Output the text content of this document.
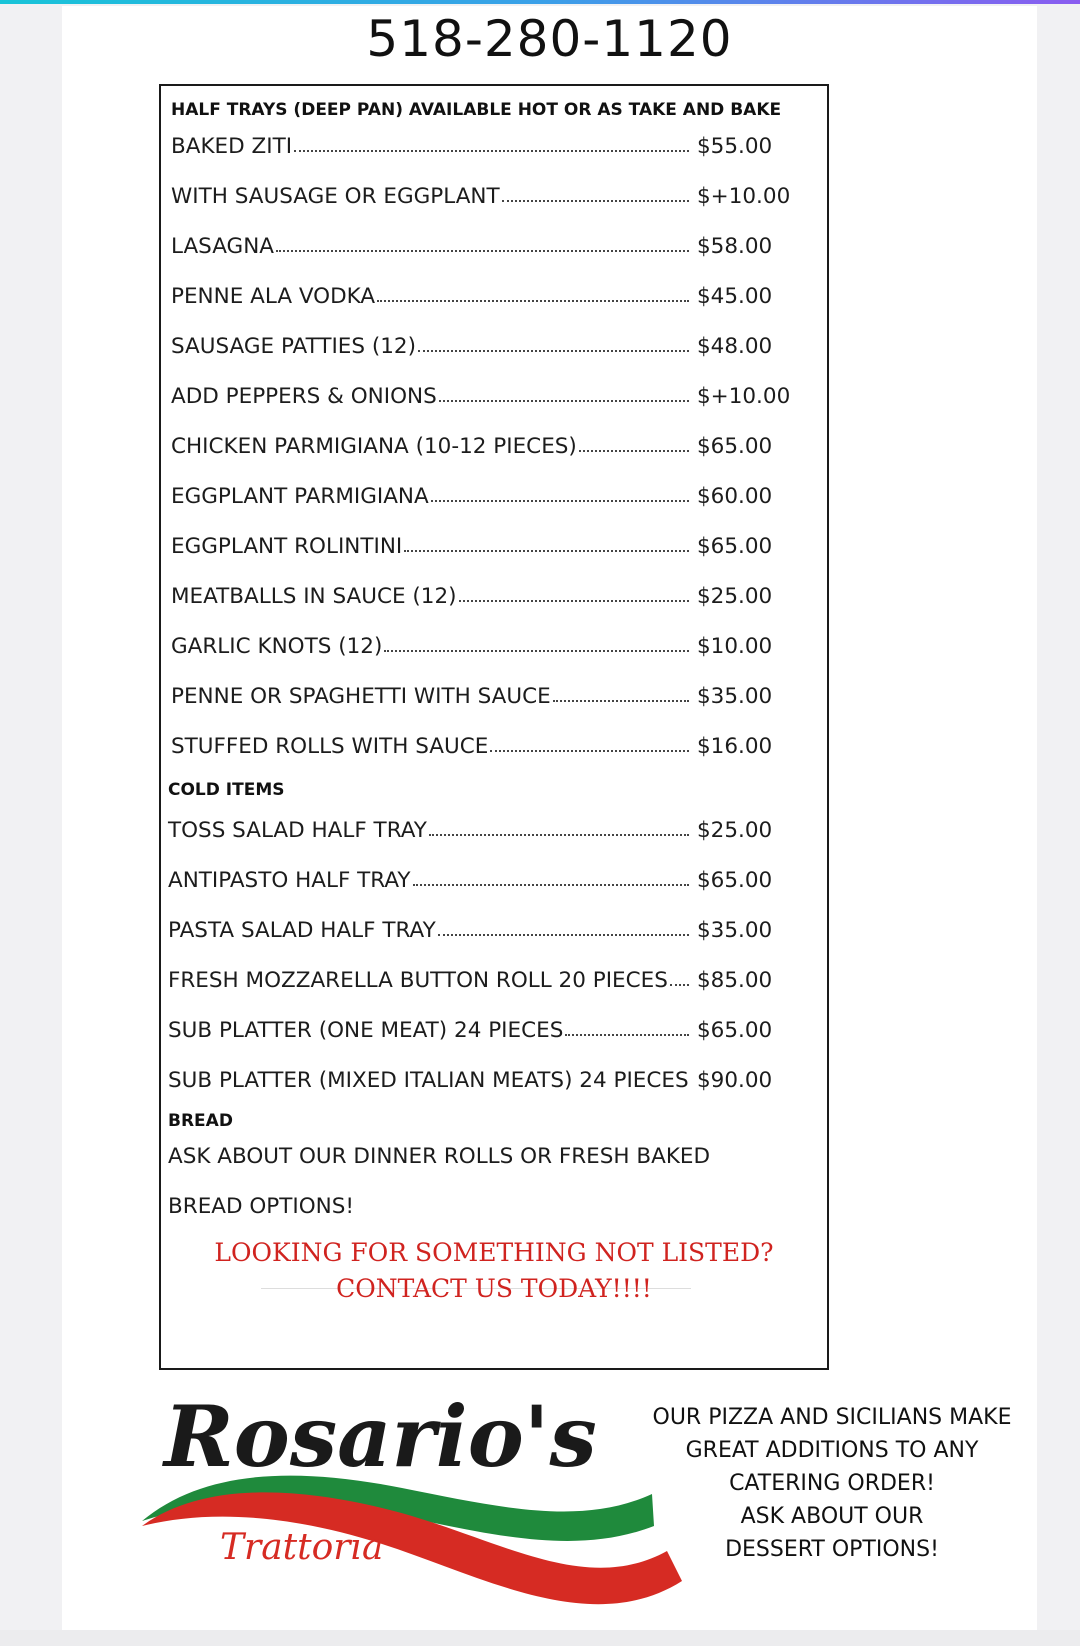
518-280-1120
HALF TRAYS (DEEP PAN) AVAILABLE HOT OR AS TAKE AND BAKE
BAKED ZITI	$55.00
WITH SAUSAGE OR EGGPLANT	$+10.00
LASAGNA	$58.00
PENNE ALA VODKA	$45.00
SAUSAGE PATTIES (12)	$48.00
ADD PEPPERS & ONIONS	$+10.00
CHICKEN PARMIGIANA (10-12 PIECES)	$65.00
EGGPLANT PARMIGIANA	$60.00
EGGPLANT ROLINTINI	$65.00
MEATBALLS IN SAUCE (12)	$25.00
GARLIC KNOTS (12)	$10.00
PENNE OR SPAGHETTI WITH SAUCE	$35.00
STUFFED ROLLS WITH SAUCE	$16.00
COLD ITEMS
TOSS SALAD HALF TRAY	$25.00
ANTIPASTO HALF TRAY	$65.00
PASTA SALAD HALF TRAY	$35.00
FRESH MOZZARELLA BUTTON ROLL 20 PIECES $85.00
SUB PLATTER (ONE MEAT) 24 PIECES	$65.00
SUB PLATTER (MIXED ITALIAN MEATS) 24 PIECES $90.00
BREAD
ASK ABOUT OUR DINNER ROLLS OR FRESH BAKED
BREAD OPTIONS!
LOOKING FOR SOMETHING NOT LISTED?
CONTACT US TODAY!!!!
Rosario's
Trattoria
OUR PIZZA AND SICILIANS MAKE
GREAT ADDITIONS TO ANY
CATERING ORDER!
ASK ABOUT OUR
DESSERT OPTIONS!
